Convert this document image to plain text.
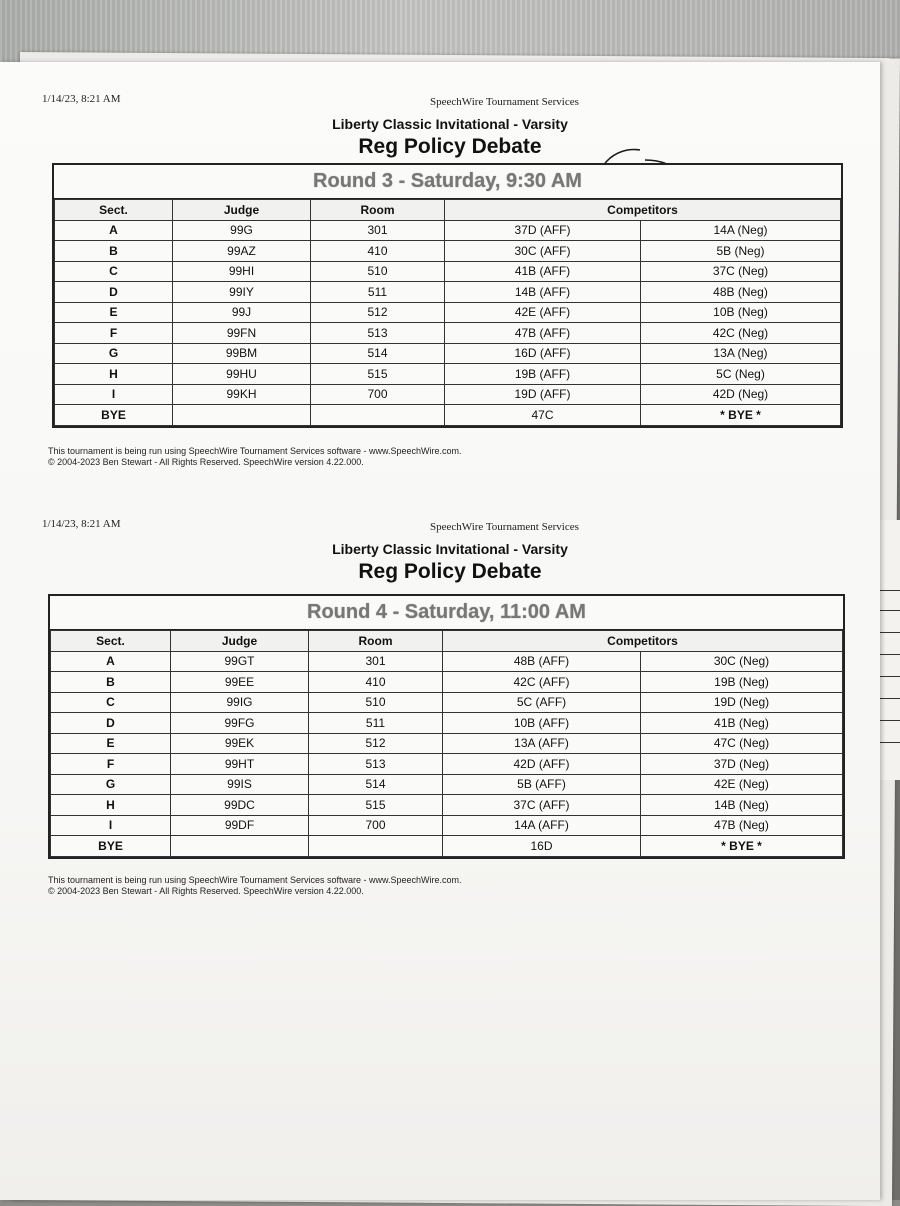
1/14/23, 8:21 AM	SpeechWire Tournament Services
Liberty Classic Invitational - Varsity
Reg Policy Debate
Round 3 - Saturday, 9:30 AM
Sect.	Judge	Room	Competitors	
A	99G	301	37D (AFF)	14A (Neg)
B	99AZ	410	30C (AFF)	5B (Neg)
C	99HI	510	41B (AFF)	37C (Neg)
D	99IY	511	14B (AFF)	48B (Neg)
E	99J	512	42E (AFF)	10B (Neg)
F	99FN	513	47B (AFF)	42C (Neg)
G	99BM	514	16D (AFF)	13A (Neg)
H	99HU	515	19B (AFF)	5C (Neg)
I	99KH	700	19D (AFF)	42D (Neg)
BYE			47C	* BYE *
This tournament is being run using SpeechWire Tournament Services software - www.SpeechWire.com.
© 2004-2023 Ben Stewart - All Rights Reserved. SpeechWire version 4.22.000.
1/14/23, 8:21 AM	SpeechWire Tournament Services
Liberty Classic Invitational - Varsity
Reg Policy Debate
Round 4 - Saturday, 11:00 AM
Sect.	Judge	Room	Competitors	
A	99GT	301	48B (AFF)	30C (Neg)
B	99EE	410	42C (AFF)	19B (Neg)
C	99IG	510	5C (AFF)	19D (Neg)
D	99FG	511	10B (AFF)	41B (Neg)
E	99EK	512	13A (AFF)	47C (Neg)
F	99HT	513	42D (AFF)	37D (Neg)
G	99IS	514	5B (AFF)	42E (Neg)
H	99DC	515	37C (AFF)	14B (Neg)
I	99DF	700	14A (AFF)	47B (Neg)
BYE			16D	* BYE *
This tournament is being run using SpeechWire Tournament Services software - www.SpeechWire.com.
© 2004-2023 Ben Stewart - All Rights Reserved. SpeechWire version 4.22.000.
